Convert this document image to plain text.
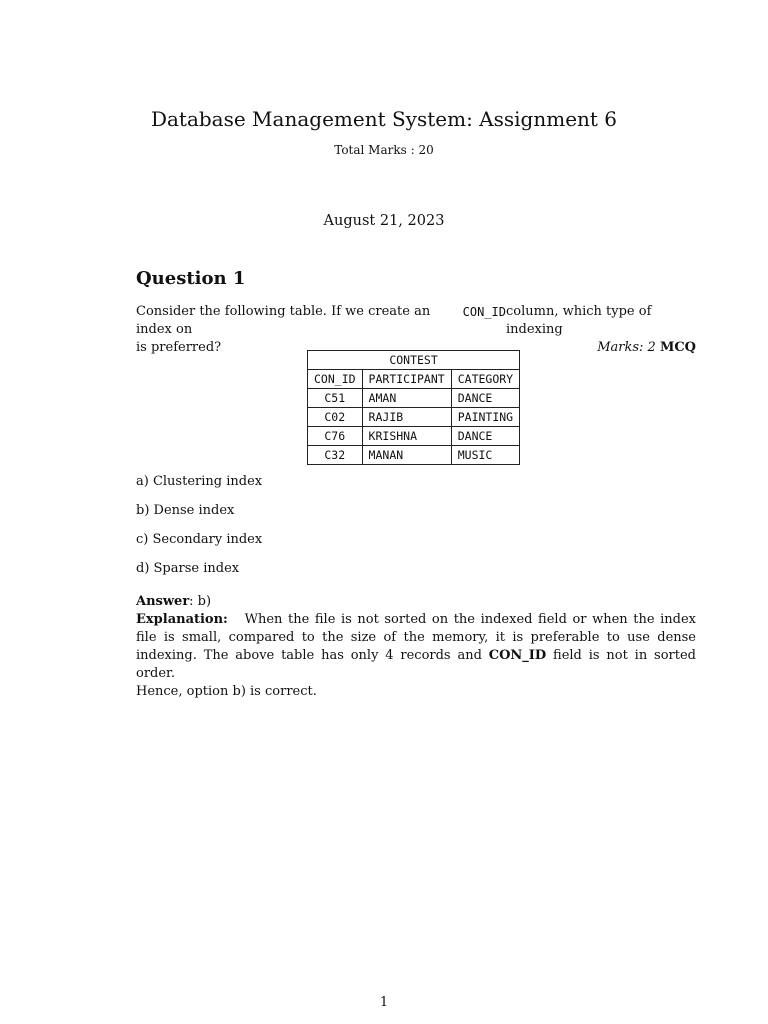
Database Management System: Assignment 6
Total Marks : 20
August 21, 2023
Question 1
Consider the following table. If we create an index on
CON_ID column, which type of indexing
is preferred?	Marks: 2 MCQ
CONTEST		
CON_ID	PARTICIPANT	CATEGORY
C51	AMAN	DANCE
C02	RAJIB	PAINTING
C76	KRISHNA	DANCE
C32	MANAN	MUSIC
a) Clustering index
b) Dense index
c) Secondary index
d) Sparse index
Answer: b)
Explanation: When the file is not sorted on the indexed field or when the index file is small, compared to the size of the memory, it is preferable to use dense indexing. The above table has only 4 records and CON_ID field is not in sorted order.
Hence, option b) is correct.
1
